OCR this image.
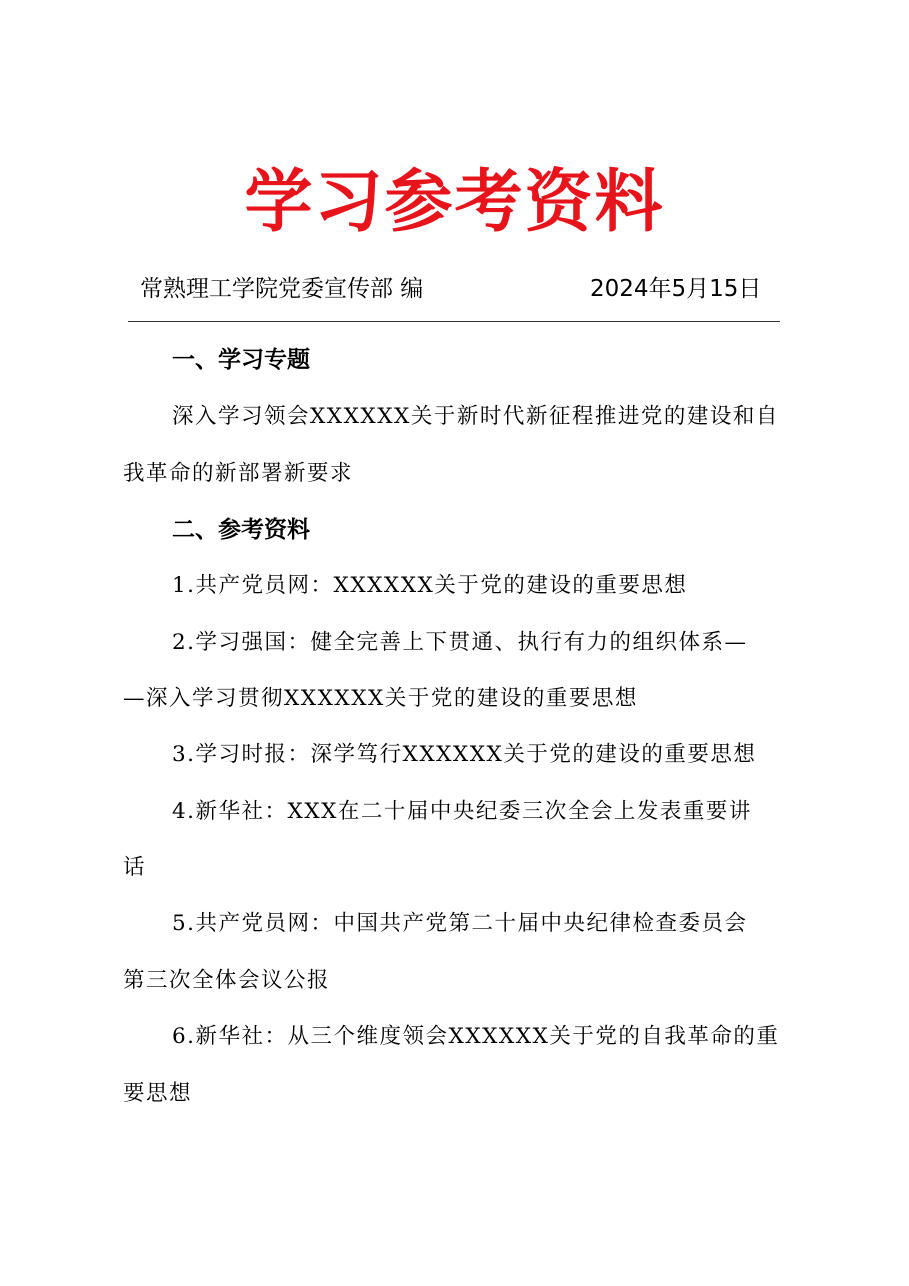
学习参考资料
常熟理工学院党委宣传部 编	2024年5月15日
一、学习专题
深入学习领会XXXXXX关于新时代新征程推进党的建设和自
我革命的新部署新要求
二、参考资料
1.共产党员网：XXXXXX关于党的建设的重要思想
2.学习强国：健全完善上下贯通、执行有力的组织体系—
—深入学习贯彻XXXXXX关于党的建设的重要思想
3.学习时报：深学笃行XXXXXX关于党的建设的重要思想
4.新华社：XXX在二十届中央纪委三次全会上发表重要讲
话
5.共产党员网：中国共产党第二十届中央纪律检查委员会
第三次全体会议公报
6.新华社：从三个维度领会XXXXXX关于党的自我革命的重
要思想
